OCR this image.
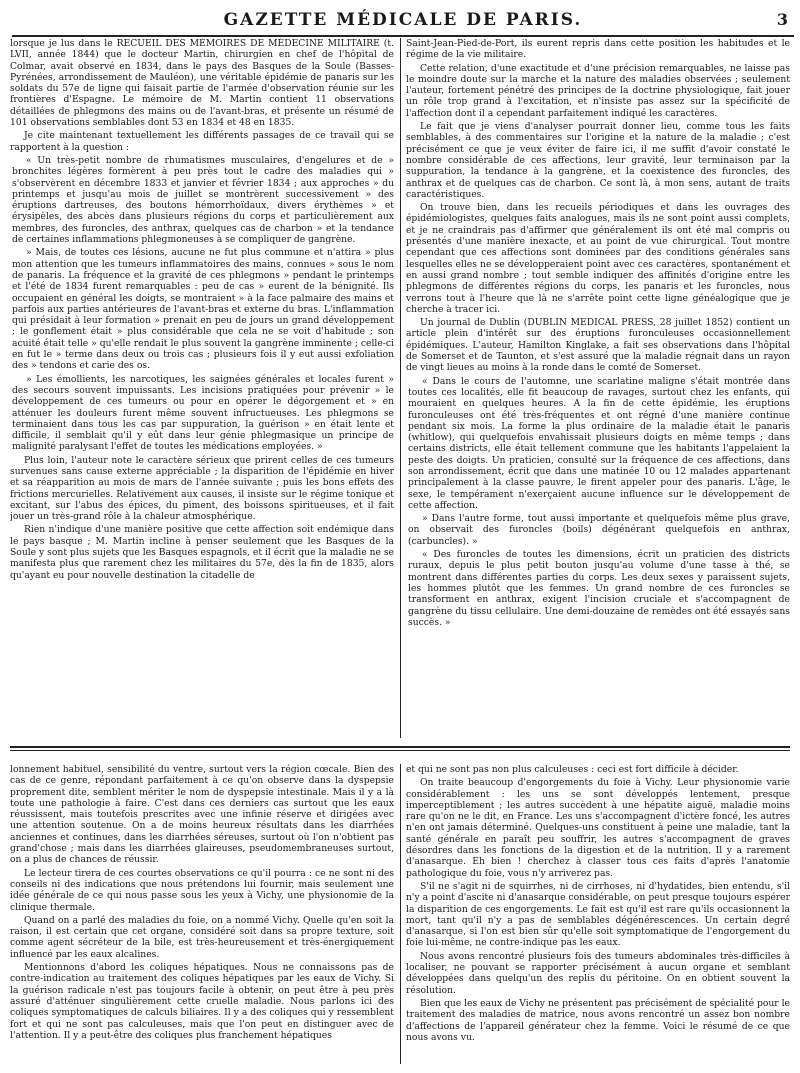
GAZETTE MÉDICALE DE PARIS.	3

lorsque je lus dans le RECUEIL DES MÉMOIRES DE MÉDECINE MILITAIRE (t. LVII, année 1844) que le docteur Martin, chirurgien en chef de l'hôpital de Colmar, avait observé en 1834, dans le pays des Basques de la Soule (Basses-Pyrénées, arrondissement de Mauléon), une véritable épidémie de panaris sur les soldats du 57e de ligne qui faisait partie de l'armée d'observation réunie sur les frontières d'Espagne. Le mémoire de M. Martin contient 11 observations détaillées de phlegmons des mains ou de l'avant-bras, et présente un résumé de 101 observations semblables dont 53 en 1834 et 48 en 1835.

Je cite maintenant textuellement les différents passages de ce travail qui se rapportent à la question :

« Un très-petit nombre de rhumatismes musculaires, d'engelures et de » bronchites légères formèrent à peu près tout le cadre des maladies qui » s'observèrent en décembre 1833 et janvier et février 1834 ; aux approches » du printemps et jusqu'au mois de juillet se montrèrent successivement » des éruptions dartreuses, des boutons hémorrhoïdaux, divers érythèmes » et érysipèles, des abcès dans plusieurs régions du corps et particulièrement aux membres, des furoncles, des anthrax, quelques cas de charbon » et la tendance de certaines inflammations phlegmoneuses à se compliquer de gangrène.

» Mais, de toutes ces lésions, aucune ne fut plus commune et n'attira » plus mon attention que les tumeurs inflammatoires des mains, connues » sous le nom de panaris. La fréquence et la gravité de ces phlegmons » pendant le printemps et l'été de 1834 furent remarquables : peu de cas » eurent de la bénignité. Ils occupaient en général les doigts, se montraient » à la face palmaire des mains et parfois aux parties antérieures de l'avant-bras et externe du bras. L'inflammation qui présidait à leur formation » prenait en peu de jours un grand développement ; le gonflement était » plus considérable que cela ne se voit d'habitude ; son acuité était telle » qu'elle rendait le plus souvent la gangrène imminente ; celle-ci en fut le » terme dans deux ou trois cas ; plusieurs fois il y eut aussi exfoliation des » tendons et carie des os.

» Les émollients, les narcotiques, les saignées générales et locales furent » des secours souvent impuissants. Les incisions pratiquées pour prévenir » le développement de ces tumeurs ou pour en opérer le dégorgement et » en atténuer les douleurs furent même souvent infructueuses. Les phlegmons se terminaient dans tous les cas par suppuration, la guérison » en était lente et difficile, il semblait qu'il y eût dans leur génie phlegmasique un principe de malignité paralysant l'effet de toutes les médications employées. »

Plus loin, l'auteur note le caractère sérieux que prirent celles de ces tumeurs survenues sans cause externe appréciable ; la disparition de l'épidémie en hiver et sa réapparition au mois de mars de l'année suivante ; puis les bons effets des frictions mercurielles. Relativement aux causes, il insiste sur le régime tonique et excitant, sur l'abus des épices, du piment, des boissons spiritueuses, et il fait jouer un très-grand rôle à la chaleur atmosphérique.

Rien n'indique d'une manière positive que cette affection soit endémique dans le pays basque ; M. Martin incline à penser seulement que les Basques de la Soule y sont plus sujets que les Basques espagnols, et il écrit que la maladie ne se manifesta plus que rarement chez les militaires du 57e, dès la fin de 1835, alors qu'ayant eu pour nouvelle destination la citadelle de

Saint-Jean-Pied-de-Port, ils eurent repris dans cette position les habitudes et le régime de la vie militaire.

Cette relation, d'une exactitude et d'une précision remarquables, ne laisse pas le moindre doute sur la marche et la nature des maladies observées ; seulement l'auteur, fortement pénétré des principes de la doctrine physiologique, fait jouer un rôle trop grand à l'excitation, et n'insiste pas assez sur la spécificité de l'affection dont il a cependant parfaitement indiqué les caractères.

Le fait que je viens d'analyser pourrait donner lieu, comme tous les faits semblables, à des commentaires sur l'origine et la nature de la maladie ; c'est précisément ce que je veux éviter de faire ici, il me suffit d'avoir constaté le nombre considérable de ces affections, leur gravité, leur terminaison par la suppuration, la tendance à la gangrène, et la coexistence des furoncles, des anthrax et de quelques cas de charbon. Ce sont là, à mon sens, autant de traits caractéristiques.

On trouve bien, dans les recueils périodiques et dans les ouvrages des épidémiologistes, quelques faits analogues, mais ils ne sont point aussi complets, et je ne craindrais pas d'affirmer que généralement ils ont été mal compris ou présentés d'une manière inexacte, et au point de vue chirurgical. Tout montre cependant que ces affections sont dominées par des conditions générales sans lesquelles elles ne se développeraient point avec ces caractères, spontanément et en aussi grand nombre ; tout semble indiquer des affinités d'origine entre les phlegmons de différentes régions du corps, les panaris et les furoncles, nous verrons tout à l'heure que là ne s'arrête point cette ligne généalogique que je cherche à tracer ici.

Un journal de Dublin (DUBLIN MEDICAL PRESS, 28 juillet 1852) contient un article plein d'intérêt sur des éruptions furonculeuses occasionnellement épidémiques. L'auteur, Hamilton Kinglake, a fait ses observations dans l'hôpital de Somerset et de Taunton, et s'est assuré que la maladie régnait dans un rayon de vingt lieues au moins à la ronde dans le comté de Somerset.

« Dans le cours de l'automne, une scarlatine maligne s'était montrée dans toutes ces localités, elle fit beaucoup de ravages, surtout chez les enfants, qui mouraient en quelques heures. A la fin de cette épidémie, les éruptions furonculeuses ont été très-fréquentes et ont régné d'une manière continue pendant six mois. La forme la plus ordinaire de la maladie était le panaris (whitlow), qui quelquefois envahissait plusieurs doigts en même temps ; dans certains districts, elle était tellement commune que les habitants l'appelaient la peste des doigts. Un praticien, consulté sur la fréquence de ces affections, dans son arrondissement, écrit que dans une matinée 10 ou 12 malades appartenant principalement à la classe pauvre, le firent appeler pour des panaris. L'âge, le sexe, le tempérament n'exerçaient aucune influence sur le développement de cette affection.

» Dans l'autre forme, tout aussi importante et quelquefois même plus grave, on observait des furoncles (boils) dégénérant quelquefois en anthrax, (carbuncles). »

« Des furoncles de toutes les dimensions, écrit un praticien des districts ruraux, depuis le plus petit bouton jusqu'au volume d'une tasse à thé, se montrent dans différentes parties du corps. Les deux sexes y paraissent sujets, les hommes plutôt que les femmes. Un grand nombre de ces furoncles se transforment en anthrax, exigent l'incision cruciale et s'accompagnent de gangrène du tissu cellulaire. Une demi-douzaine de remèdes ont été essayés sans succès. »

lonnement habituel, sensibilité du ventre, surtout vers la région cœcale. Bien des cas de ce genre, répondant parfaitement à ce qu'on observe dans la dyspepsie proprement dite, semblent mériter le nom de dyspepsie intestinale. Mais il y a là toute une pathologie à faire. C'est dans ces derniers cas surtout que les eaux réussissent, mais toutefois prescrites avec une infinie réserve et dirigées avec une attention soutenue. On a de moins heureux résultats dans les diarrhées anciennes et continues, dans les diarrhées séreuses, surtout où l'on n'obtient pas grand'chose ; mais dans les diarrhées glaireuses, pseudomembraneuses surtout, on a plus de chances de réussir.

Le lecteur tirera de ces courtes observations ce qu'il pourra : ce ne sont ni des conseils ni des indications que nous prétendons lui fournir, mais seulement une idée générale de ce qui nous passe sous les yeux à Vichy, une physionomie de la clinique thermale.

Quand on a parlé des maladies du foie, on a nommé Vichy. Quelle qu'en soit la raison, il est certain que cet organe, considéré soit dans sa propre texture, soit comme agent sécréteur de la bile, est très-heureusement et très-énergiquement influencé par les eaux alcalines.

Mentionnons d'abord les coliques hépatiques. Nous ne connaissons pas de contre-indication au traitement des coliques hépatiques par les eaux de Vichy. Si la guérison radicale n'est pas toujours facile à obtenir, on peut être à peu près assuré d'atténuer singulièrement cette cruelle maladie. Nous parlons ici des coliques symptomatiques de calculs biliaires. Il y a des coliques qui y ressemblent fort et qui ne sont pas calculeuses, mais que l'on peut en distinguer avec de l'attention. Il y a peut-être des coliques plus franchement hépatiques

et qui ne sont pas non plus calculeuses : ceci est fort difficile à décider.

On traite beaucoup d'engorgements du foie à Vichy. Leur physionomie varie considérablement : les uns se sont développés lentement, presque imperceptiblement ; les autres succèdent à une hépatite aiguë, maladie moins rare qu'on ne le dit, en France. Les uns s'accompagnent d'ictère foncé, les autres n'en ont jamais déterminé. Quelques-uns constituent à peine une maladie, tant la santé générale en paraît peu souffrir, les autres s'accompagnent de graves désordres dans les fonctions de la digestion et de la nutrition. Il y a rarement d'anasarque. Eh bien ! cherchez à classer tous ces faits d'après l'anatomie pathologique du foie, vous n'y arriverez pas.

S'il ne s'agit ni de squirrhes, ni de cirrhoses, ni d'hydatides, bien entendu, s'il n'y a point d'ascite ni d'anasarque considérable, on peut presque toujours espérer la disparition de ces engorgements. Le fait est qu'il est rare qu'ils occasionnent la mort, tant qu'il n'y a pas de semblables dégénérescences. Un certain degré d'anasarque, si l'on est bien sûr qu'elle soit symptomatique de l'engorgement du foie lui-même, ne contre-indique pas les eaux.

Nous avons rencontré plusieurs fois des tumeurs abdominales très-difficiles à localiser, ne pouvant se rapporter précisément à aucun organe et semblant développées dans quelqu'un des replis du péritoine. On en obtient souvent la résolution.

Bien que les eaux de Vichy ne présentent pas précisément de spécialité pour le traitement des maladies de matrice, nous avons rencontré un assez bon nombre d'affections de l'appareil générateur chez la femme. Voici le résumé de ce que nous avons vu.
